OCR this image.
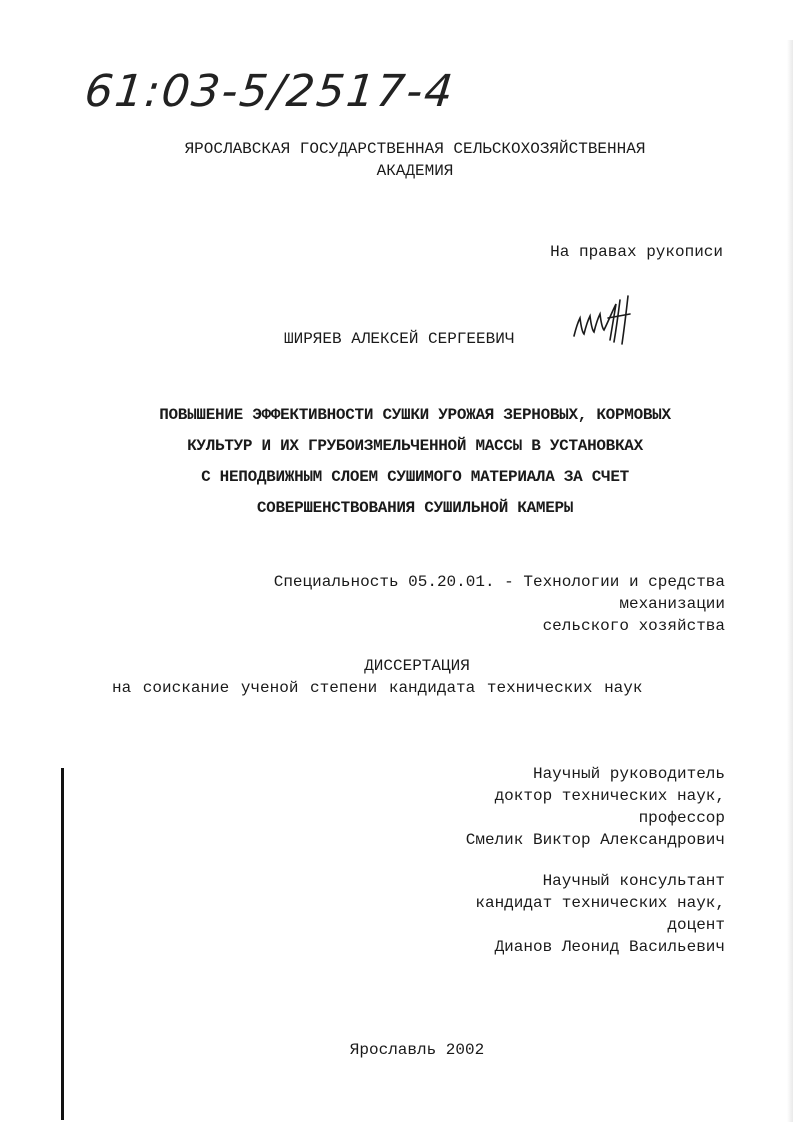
61:03-5/2517-4
ЯРОСЛАВСКАЯ ГОСУДАРСТВЕННАЯ СЕЛЬСКОХОЗЯЙСТВЕННАЯ
АКАДЕМИЯ
На правах рукописи
ШИРЯЕВ АЛЕКСЕЙ СЕРГЕЕВИЧ
ПОВЫШЕНИЕ ЭФФЕКТИВНОСТИ СУШКИ УРОЖАЯ ЗЕРНОВЫХ, КОРМОВЫХ
КУЛЬТУР И ИХ ГРУБОИЗМЕЛЬЧЕННОЙ МАССЫ В УСТАНОВКАХ
С НЕПОДВИЖНЫМ СЛОЕМ СУШИМОГО МАТЕРИАЛА ЗА СЧЕТ
СОВЕРШЕНСТВОВАНИЯ СУШИЛЬНОЙ КАМЕРЫ
Специальность 05.20.01. - Технологии и средства
механизации
сельского хозяйства
ДИССЕРТАЦИЯ
на соискание ученой степени кандидата технических наук
Научный руководитель
доктор технических наук,
профессор
Смелик Виктор Александрович
Научный консультант
кандидат технических наук,
доцент
Дианов Леонид Васильевич
Ярославль 2002
